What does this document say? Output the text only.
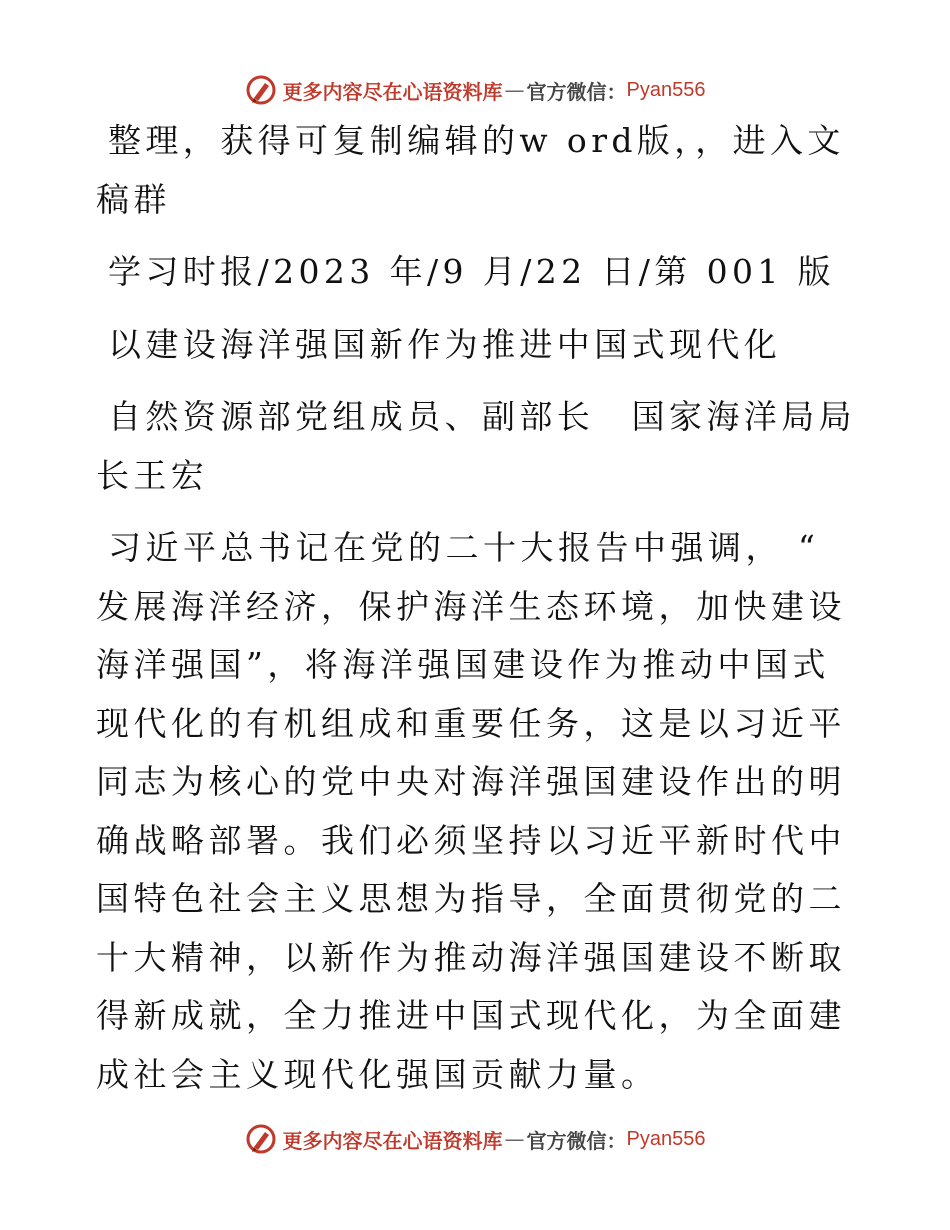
更多内容尽在心语资料库 — 官方微信： Pyan556

整理，获得可复制编辑的w ord版，，进入文稿群

学习时报/2023 年/9 月/22 日/第 001 版

以建设海洋强国新作为推进中国式现代化

自然资源部党组成员、副部长　国家海洋局局长王宏

习近平总书记在党的二十大报告中强调， “ 发展海洋经济，保护海洋生态环境，加快建设海洋强国”，将海洋强国建设作为推动中国式现代化的有机组成和重要任务，这是以习近平同志为核心的党中央对海洋强国建设作出的明确战略部署。我们必须坚持以习近平新时代中国特色社会主义思想为指导，全面贯彻党的二十大精神，以新作为推动海洋强国建设不断取得新成就，全力推进中国式现代化，为全面建成社会主义现代化强国贡献力量。

更多内容尽在心语资料库 — 官方微信： Pyan556
